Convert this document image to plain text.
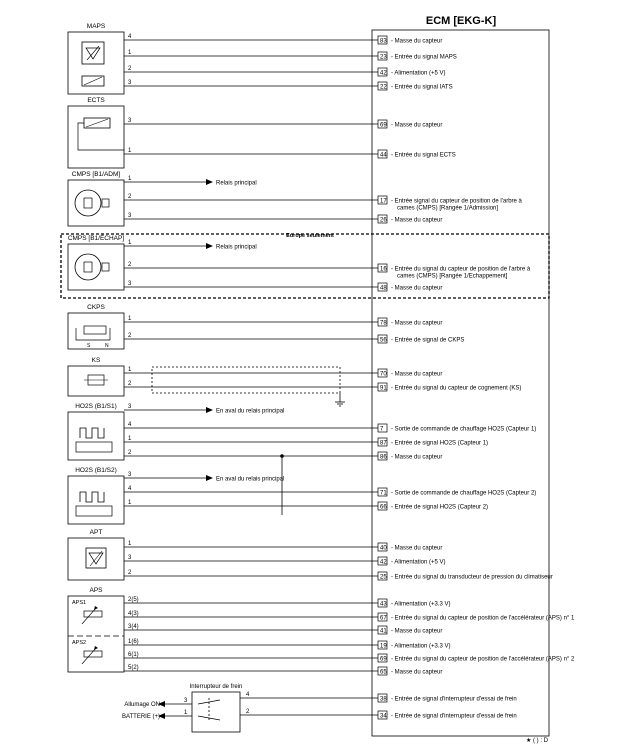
4
83 - Masse du capteur
1
23 - Entrée du signal MAPS
2
42 - Alimentation (+5 V)
3
22 - Entrée du signal IATS
3
69 - Masse du capteur
1
44 - Entrée du signal ECTS
2
17 - Entrée signal du capteur de position de l'arbre à
cames (CMPS) [Rangée 1/Admission]
3
26 - Masse du capteur
2
16 - Entrée du signal du capteur de position de l'arbre à
cames (CMPS) [Rangée 1/Echappement]
3
48 - Masse du capteur
1
78 - Masse du capteur
2
56 - Entrée de signal de CKPS
1
70 - Masse du capteur
2
91 - Entrée du signal du capteur de cognement (KS)
4
7 - Sortie de commande de chauffage HO2S (Capteur 1)
1
87 - Entrée de signal HO2S (Capteur 1)
2
86 - Masse du capteur
4
71 - Sortie de commande de chauffage HO2S (Capteur 2)
1
66 - Entrée de signal HO2S (Capteur 2)
1
40 - Masse du capteur
3
42 - Alimentation (+5 V)
2
25 - Entrée du signal du transducteur de pression du climatiseur
2(5)
43 - Alimentation (+3.3 V)
4(3)
67 - Entrée du signal du capteur de position de l'accélérateur (APS) n° 1
3(4)
41 - Masse du capteur
1(6)
19 - Alimentation (+3.3 V)
6(1)
69 - Entrée du signal du capteur de position de l'accélérateur (APS) n° 2
5(2)
65 - Masse du capteur
4
38 - Entrée de signal d'interrupteur d'essai de frein
2
34 - Entrée de signal d'interrupteur d'essai de frein
1
Relais principal
1
Relais principal
3
En aval du relais principal
3
En aval du relais principal
ECM [EKG-K]
★ ( ) : D
Europe seulement
Allumage ON
BATTERIE (+)
3
1
S	N
MAPS
ECTS
CMPS [B1/ADM]
CMPS [B1/ÉCHAP]
CKPS
KS
HO2S (B1/S1)
HO2S (B1/S2)
APT
APS
APS1
APS2
Interrupteur de frein
